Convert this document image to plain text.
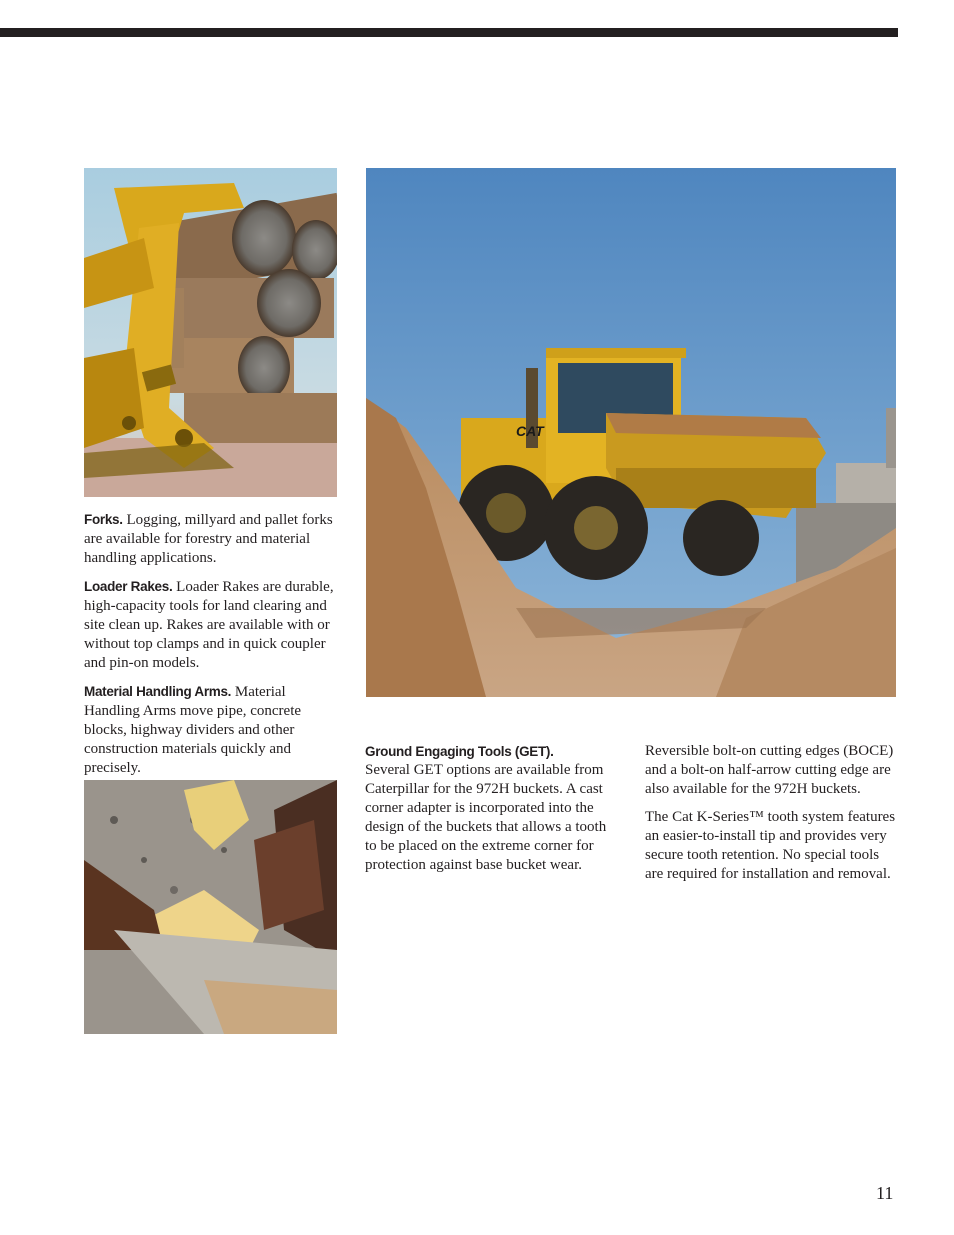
CAT

Forks. Logging, millyard and pallet forks are available for forestry and material handling applications.

Loader Rakes. Loader Rakes are durable, high-capacity tools for land clearing and site clean up. Rakes are available with or without top clamps and in quick coupler and pin-on models.

Material Handling Arms. Material Handling Arms move pipe, concrete blocks, highway dividers and other construction materials quickly and precisely.

Ground Engaging Tools (GET).
Several GET options are available from Caterpillar for the 972H buckets. A cast corner adapter is incorporated into the design of the buckets that allows a tooth to be placed on the extreme corner for protection against base bucket wear.

Reversible bolt-on cutting edges (BOCE) and a bolt-on half-arrow cutting edge are also available for the 972H buckets.

The Cat K-Series™ tooth system features an easier-to-install tip and provides very secure tooth retention. No special tools are required for installation and removal.

11
